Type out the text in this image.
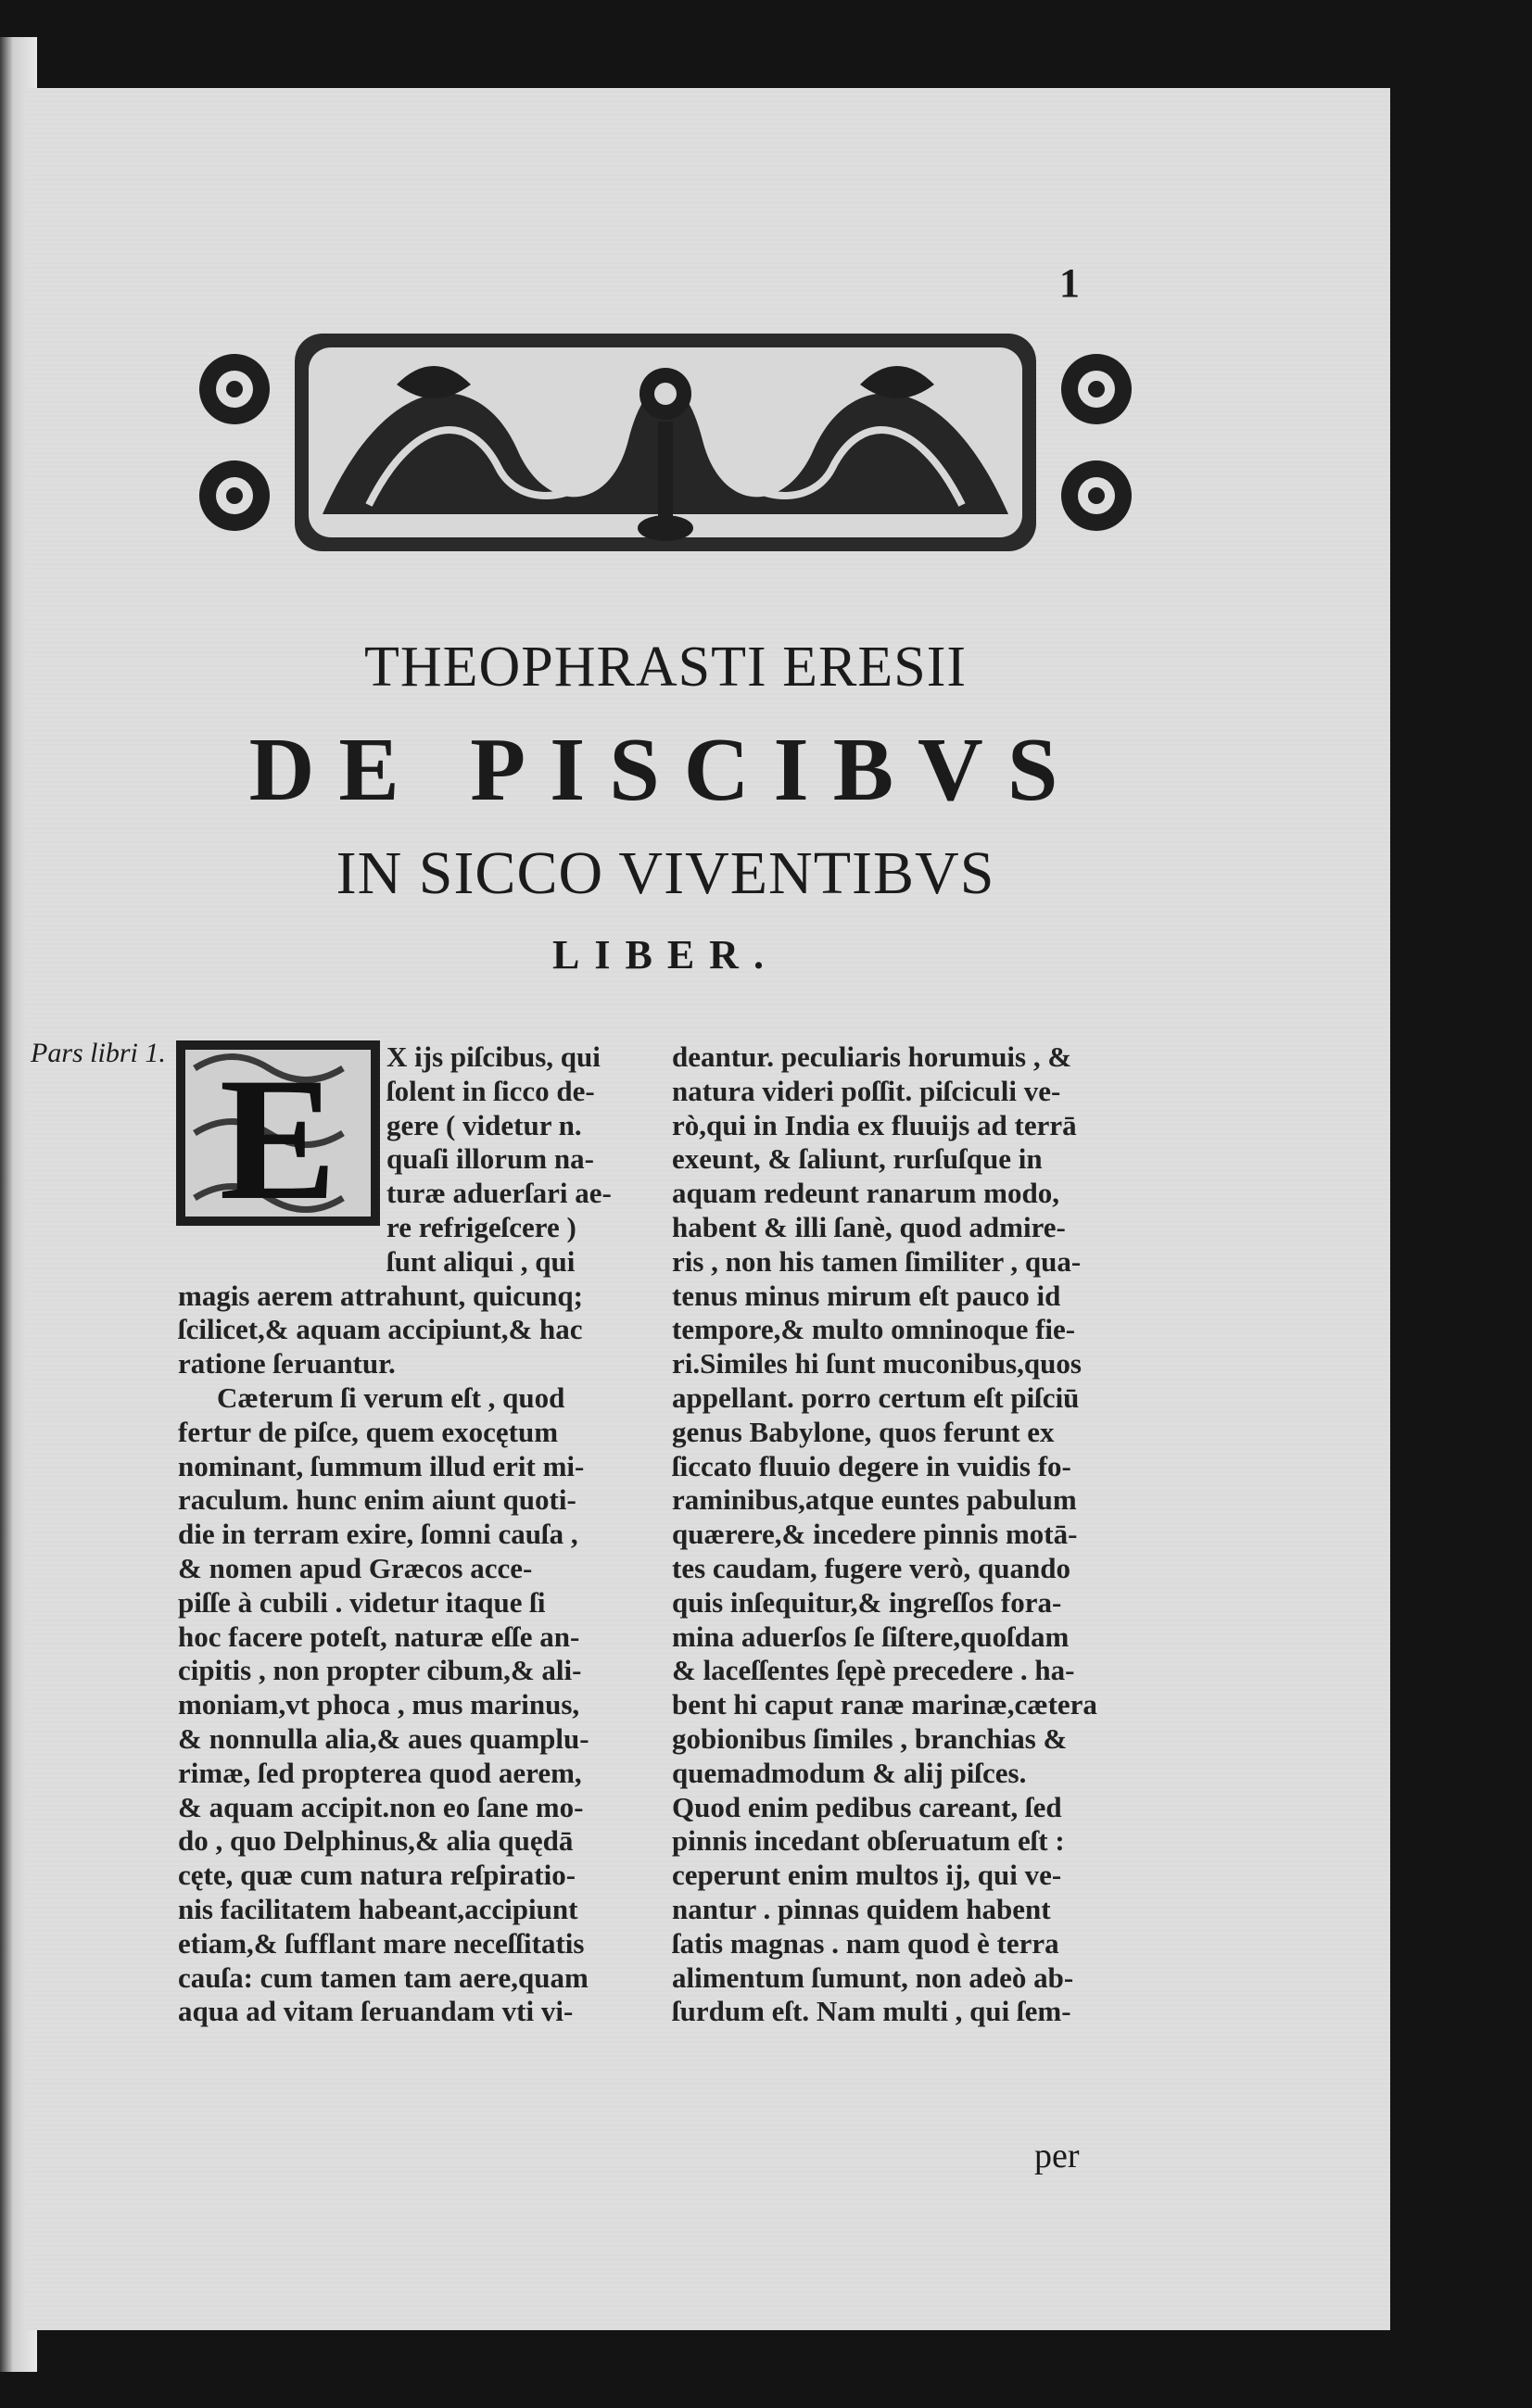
1
THEOPHRASTI ERESII
DE PISCIBVS
IN SICCO VIVENTIBVS
LIBER.
Pars libri 1. E	X ijs piſcibus, qui
ſolent in ſicco de-
gere ( videtur n.
quaſi illorum na-
turæ aduerſari ae-
re refrigeſcere )
ſunt aliqui , qui
magis aerem attrahunt, quicunq;
ſcilicet,& aquam accipiunt,& hac
ratione ſeruantur.
Cæterum ſi verum eſt , quod
fertur de piſce, quem exocętum
nominant, ſummum illud erit mi-
raculum. hunc enim aiunt quoti-
die in terram exire, ſomni cauſa ,
& nomen apud Græcos acce-
piſſe à cubili . videtur itaque ſi
hoc facere poteſt, naturæ eſſe an-
cipitis , non propter cibum,& ali-
moniam,vt phoca , mus marinus,
& nonnulla alia,& aues quamplu-
rimæ, ſed propterea quod aerem,
& aquam accipit.non eo ſane mo-
do , quo Delphinus,& alia quędā
cęte, quæ cum natura reſpiratio-
nis facilitatem habeant,accipiunt
etiam,& ſufflant mare neceſſitatis
cauſa: cum tamen tam aere,quam
aqua ad vitam ſeruandam vti vi-
deantur. peculiaris horumuis , &
natura videri poſſit. piſciculi ve-
rò,qui in India ex fluuijs ad terrā
exeunt, & ſaliunt, rurſuſque in
aquam redeunt ranarum modo,
habent & illi ſanè, quod admire-
ris , non his tamen ſimiliter , qua-
tenus minus mirum eſt pauco id
tempore,& multo omninoque fie-
ri.Similes hi ſunt muconibus,quos
appellant. porro certum eſt piſciū
genus Babylone, quos ferunt ex
ſiccato fluuio degere in vuidis fo-
raminibus,atque euntes pabulum
quærere,& incedere pinnis motā-
tes caudam, fugere verò, quando
quis inſequitur,& ingreſſos fora-
mina aduerſos ſe ſiſtere,quoſdam
& laceſſentes ſępè precedere . ha-
bent hi caput ranæ marinæ,cætera
gobionibus ſimiles , branchias &
quemadmodum & alij piſces.
Quod enim pedibus careant, ſed
pinnis incedant obſeruatum eſt :
ceperunt enim multos ij, qui ve-
nantur . pinnas quidem habent
ſatis magnas . nam quod è terra
alimentum ſumunt, non adeò ab-
ſurdum eſt. Nam multi , qui ſem-
per
